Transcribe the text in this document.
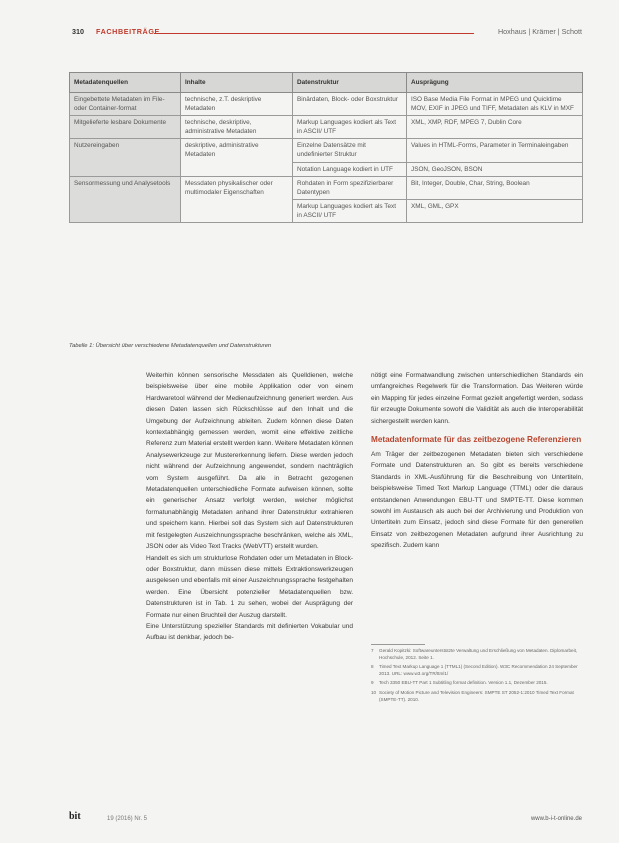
310 FACHBEITRÄGE	Hoxhaus | Krämer | Schott
Metadatenquellen	Inhalte	Datenstruktur	Ausprägung
Eingebettete Metadaten im File- oder Container-format	technische, z.T. deskriptive Metadaten	Binärdaten, Block- oder Boxstruktur	ISO Base Media File Format in MPEG und Quicktime MOV, EXIF in JPEG und TIFF, Metadaten als KLV in MXF
Mitgelieferte lesbare Dokumente	technische, deskriptive, administrative Metadaten	Markup Languages kodiert als Text in ASCII/ UTF	XML, XMP, RDF, MPEG 7, Dublin Core
Nutzereingaben	deskriptive, administrative Metadaten	Einzelne Datensätze mit undefinierter Struktur	Values in HTML-Forms, Parameter in Terminaleingaben
		Notation Language kodiert in UTF	JSON, GeoJSON, BSON
Sensormessung und Analysetools	Messdaten physikalischer oder multimodaler Eigenschaften	Rohdaten in Form spezifizierbarer Datentypen	Bit, Integer, Double, Char, String, Boolean
		Markup Languages kodiert als Text in ASCII/ UTF	XML, GML, GPX
Tabelle 1: Übersicht über verschiedene Metadatenquellen und Datenstrukturen

Weiterhin können sensorische Messdaten als Quelldienen, welche beispielsweise über eine mobile Applikation oder von einem Hardwaretool während der Medienaufzeichnung generiert werden. Aus diesen Daten lassen sich Rückschlüsse auf den Inhalt und die Umgebung der Aufzeichnung ableiten. Zudem können diese Daten kontextabhängig gemessen werden, womit eine effektive zeitliche Referenz zum Material erstellt werden kann. Weitere Metadaten können Analysewerkzeuge zur Mustererkennung liefern. Diese werden jedoch nicht während der Aufzeichnung angewendet, sondern nachträglich vom System ausgeführt. Da alle in Betracht gezogenen Metadatenquellen unterschiedliche Formate aufweisen können, sollte ein generischer Ansatz verfolgt werden, welcher möglichst formatunabhängig Metadaten anhand ihrer Datenstruktur extrahieren und speichern kann. Hierbei soll das System sich auf Datenstrukturen mit festgelegten Auszeichnungssprache beschränken, welche als XML, JSON oder als Video Text Tracks (WebVTT) erstellt wurden.

Handelt es sich um strukturlose Rohdaten oder um Metadaten in Block- oder Boxstruktur, dann müssen diese mittels Extraktionswerkzeugen ausgelesen und ebenfalls mit einer Auszeichnungssprache festgehalten werden. Eine Übersicht potenzieller Metadatenquellen bzw. Datenstrukturen ist in Tab. 1 zu sehen, wobei der Ausprägung der Formate nur einen Bruchteil der Auszug darstellt.

Eine Unterstützung spezieller Standards mit definierten Vokabular und Aufbau ist denkbar, jedoch be-

nötigt eine Formatwandlung zwischen unterschiedlichen Standards ein umfangreiches Regelwerk für die Transformation. Das Weiteren würde ein Mapping für jedes einzelne Format gezielt angefertigt werden, sodass für erzeugte Dokumente sowohl die Validität als auch die Interoperabilität sichergestellt werden kann.

Metadatenformate für das zeitbezogene Referenzieren

Am Träger der zeitbezogenen Metadaten bieten sich verschiedene Formate und Datenstrukturen an. So gibt es bereits verschiedene Standards in XML-Ausführung für die Beschreibung von Untertiteln, beispielsweise Timed Text Markup Language (TTML) oder die daraus entstandenen Anwendungen EBU-TT und SMPTE-TT. Diese kommen sowohl im Austausch als auch bei der Archivierung und Produktion von Untertiteln zum Einsatz, jedoch sind diese Formate für den generellen Einsatz von zeitbezogenen Metadaten aufgrund ihrer Ausrichtung zu spezifisch. Zudem kann

7 Gerald Kopitzki: Softwareunterstützte Verwaltung und Erschließung von Metadaten. Diplomarbeit, Hochschule, 2012. Seite 1.
8 Timed Text Markup Language 1 (TTML1) (Second Edition). W3C Recommendation 24 September 2013. URL: www.w3.org/TR/ttml1/
9 Tech 3350 EBU-TT Part 1 Subtitling format definition. Version 1.1, Dezember 2015.
10 Society of Motion Picture and Television Engineers: SMPTE ST 2052-1:2010 Timed Text Format (SMPTE-TT). 2010.
bit	19 (2016) Nr. 5	www.b-i-t-online.de
